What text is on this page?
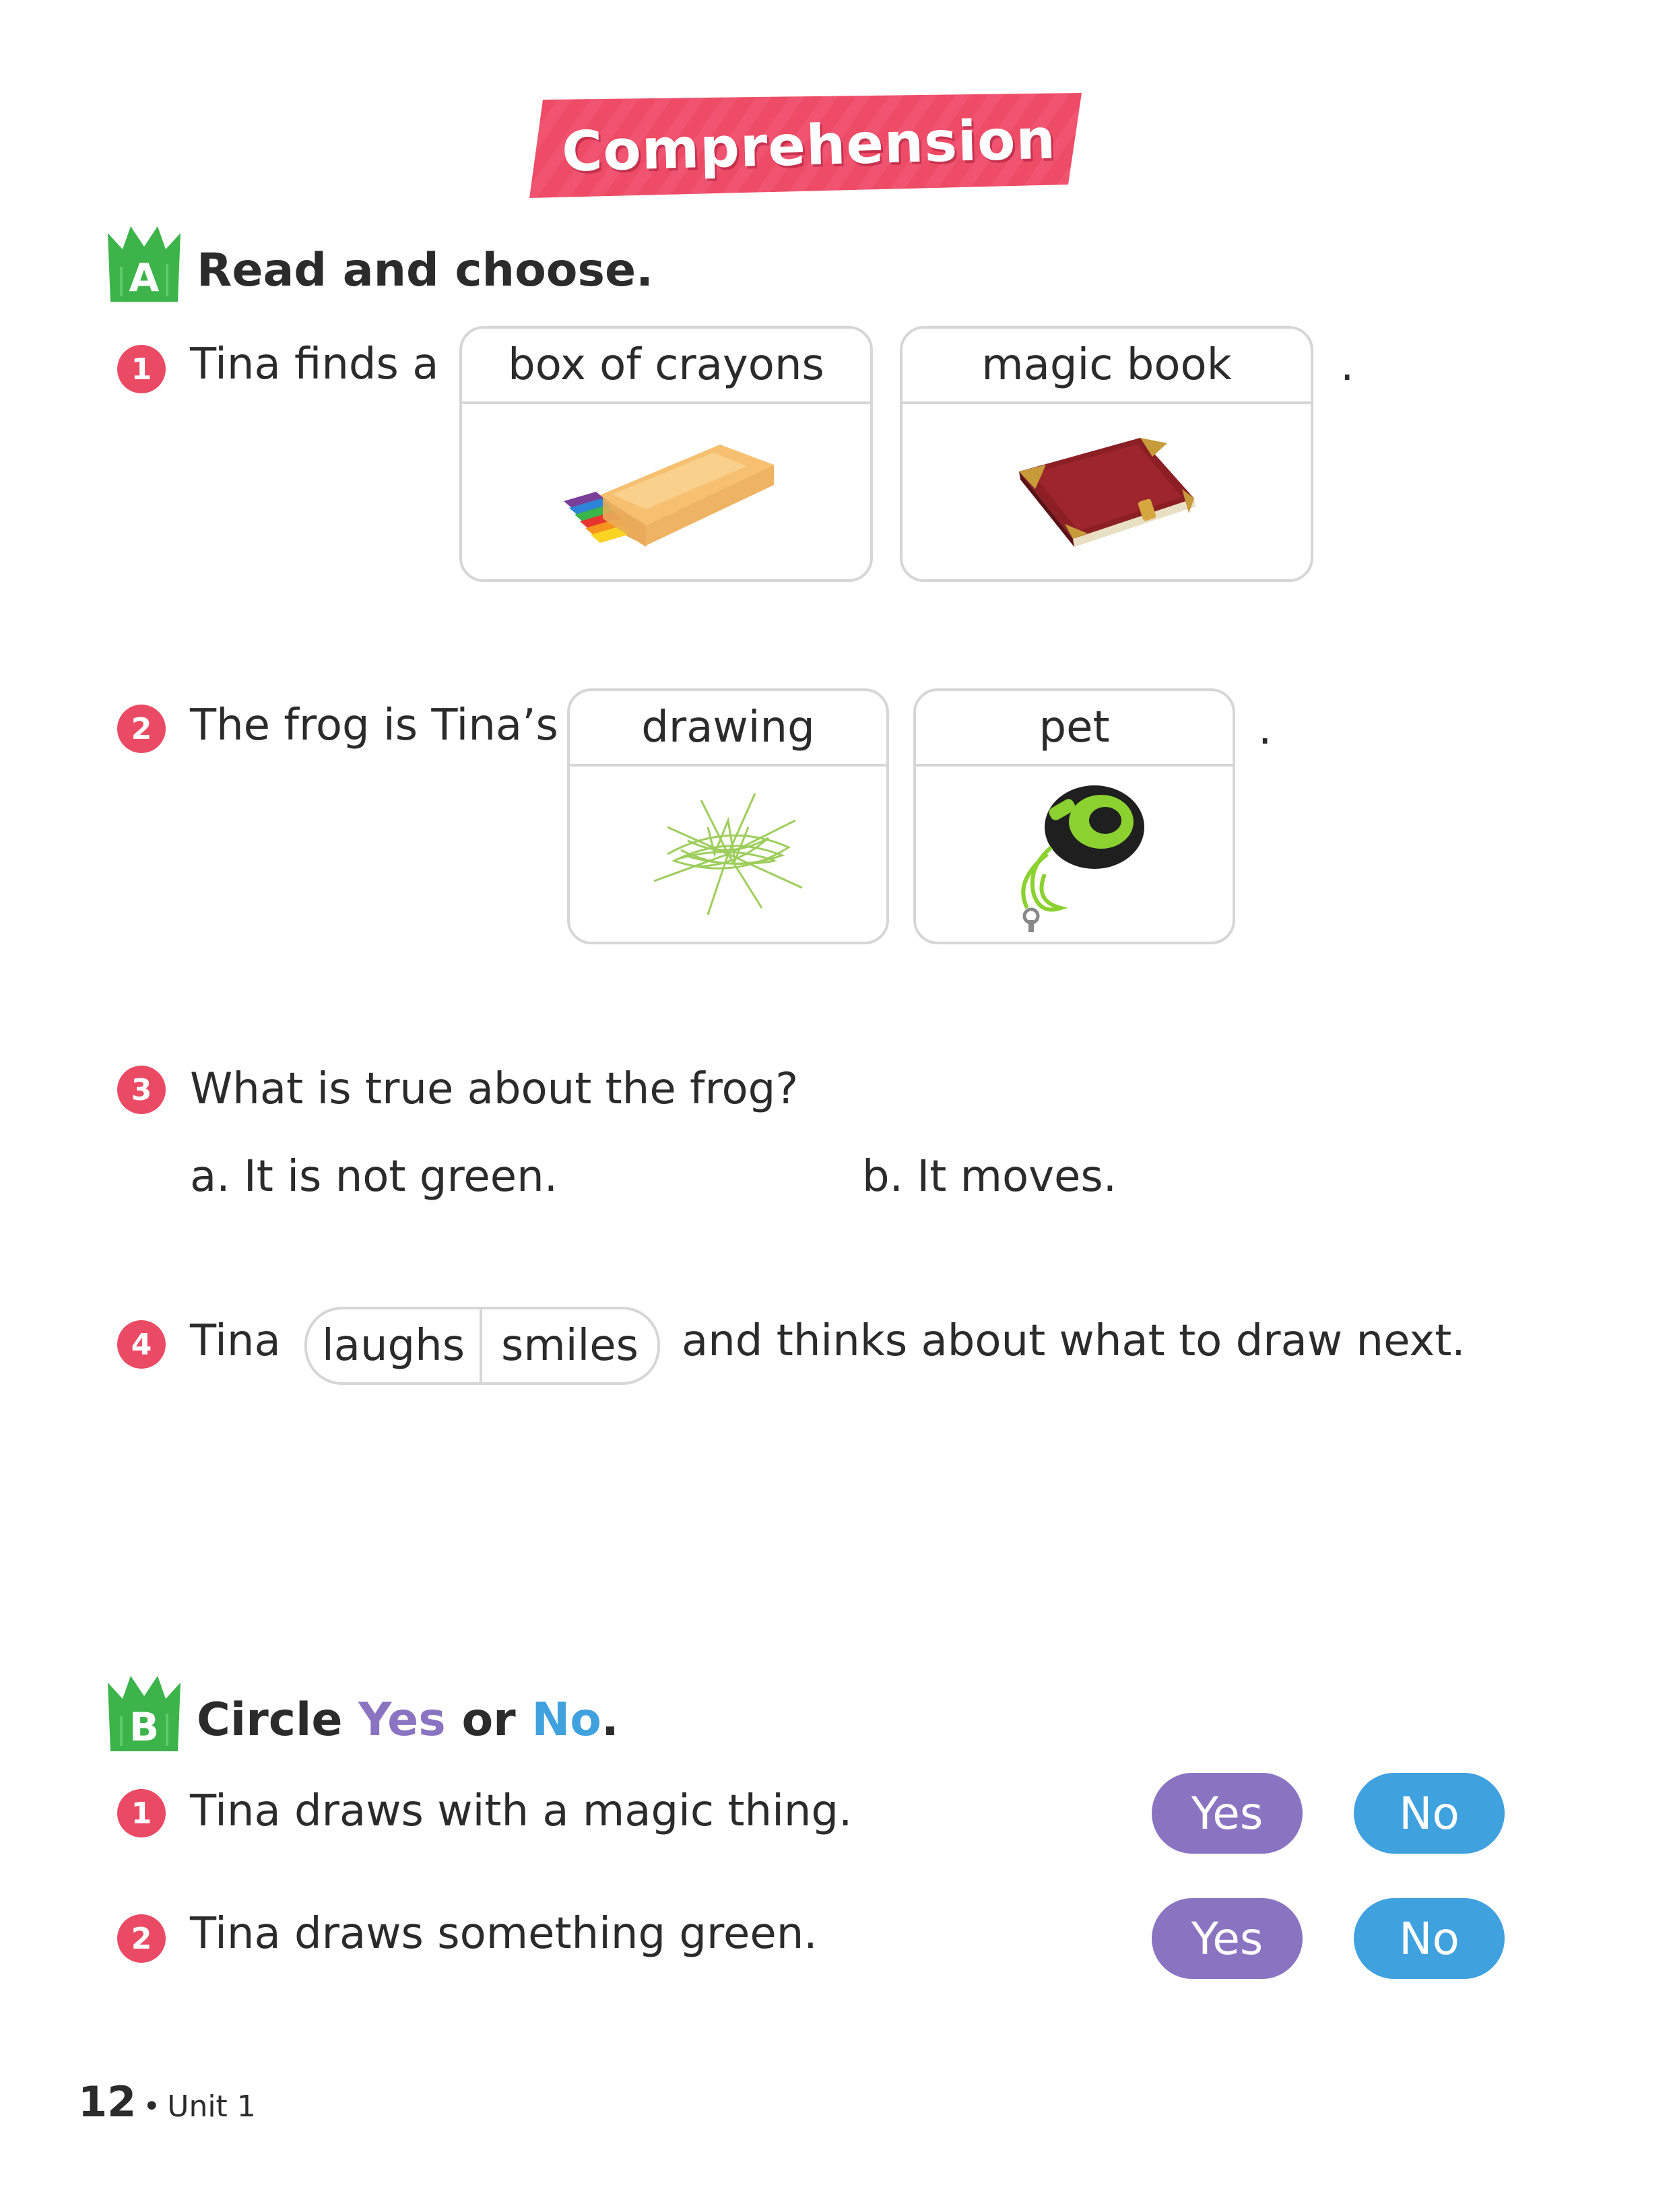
Comprehension
A Read and choose.
1 Tina finds a	box of crayons	magic book	.
2 The frog is Tina’s	drawing	pet	.
3 What is true about the frog?
a. It is not green.	b. It moves.
4 Tina laughs smiles	and thinks about what to draw next.
B Circle Yes or No.
1 Tina draws with a magic thing.	Yes	No
2 Tina draws something green.	Yes	No
12 • Unit 1
